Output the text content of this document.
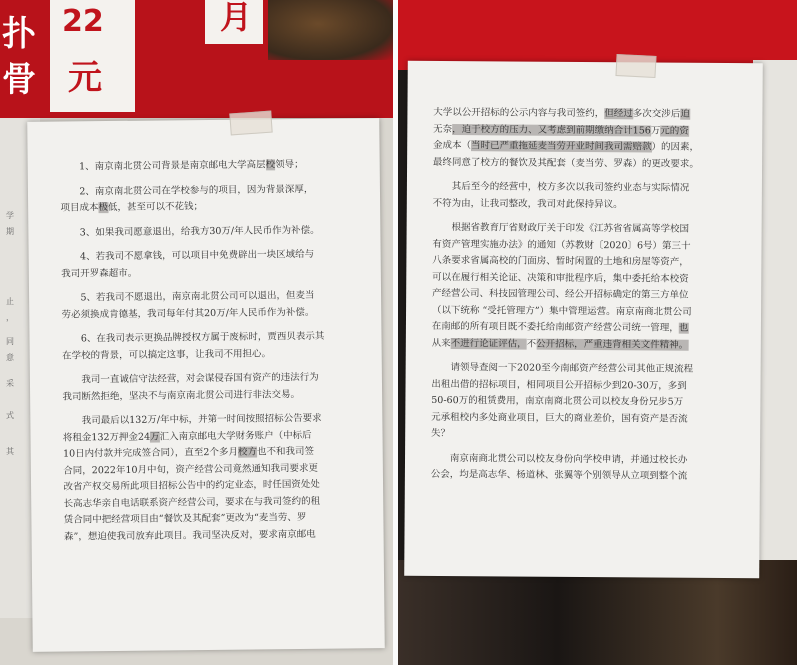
扑
骨
22
元
月
学
期
止
，
同
意
采
式
其

1、南京南北贯公司背景是南京邮电大学高层校领导；

2、南京南北贯公司在学校参与的项目，因为背景深厚，

项目成本极低，甚至可以不花钱；

3、如果我司愿意退出，给我方30万/年人民币作为补偿。

4、若我司不愿拿钱，可以项目中免费辟出一块区域给与

我司开罗森超市。

5、若我司不愿退出，南京南北贯公司可以退出，但麦当

劳必须换成肯德基，我司每年付其20万/年人民币作为补偿。

6、在我司表示更换品牌授权方属于废标时，贾西贝表示其

在学校的背景，可以搞定这事，让我司不用担心。

我司一直诚信守法经营，对会谋侵吞国有资产的违法行为

我司断然拒绝，坚决不与南京南北贯公司进行非法交易。

我司最后以132万/年中标，并第一时间按照招标公告要求

将租金132万押金24万汇入南京邮电大学财务账户（中标后

10日内付款并完成签合同），直至2个多月校方也不和我司签

合同，2022年10月中旬，资产经营公司竟然通知我司要求更

改省产权交易所此项目招标公告中的约定业态，时任国资处处

长高志华亲自电话联系资产经营公司，要求在与我司签约的租

赁合同中把经营项目由“餐饮及其配套”更改为“麦当劳、罗

森”，想迫使我司放弃此项目。我司坚决反对，要求南京邮电

大学以公开招标的公示内容与我司签约，但经过多次交涉后迫

无奈，迫于校方的压力、又考虑到前期缴纳合计156万元的资

金成本（当时已严重拖延麦当劳开业时间我司需赔款）的因素，

最终同意了校方的餐饮及其配套（麦当劳、罗森）的更改要求。

其后至今的经营中，校方多次以我司签约业态与实际情况

不符为由，让我司整改，我司对此保持异议。

根据省教育厅省财政厅关于印发《江苏省省属高等学校国

有资产管理实施办法》的通知（苏教财〔2020〕6号）第三十

八条要求省属高校的门面房、暂时闲置的土地和房屋等资产，

可以在履行相关论证、决策和审批程序后，集中委托给本校资

产经营公司、科技园管理公司、经公开招标确定的第三方单位

（以下统称 “受托管理方”）集中管理运营。南京南商北贯公司

在南邮的所有项目既不委托给南邮资产经营公司统一管理，也

从来不进行论证评估，不公开招标，严重违背相关文件精神。

请领导查阅一下2020至今南邮资产经营公司其他正规流程

出租出借的招标项目，相同项目公开招标少到20-30万，多到

50-60万的租赁费用，南京南商北贯公司以校友身份兄步5万

元承租校内多处商业项目，巨大的商业差价，国有资产是否流

失？

南京南商北贯公司以校友身份向学校申请，并通过校长办

公会，均是高志华、杨道林、张翼等个别领导从立项到整个流
